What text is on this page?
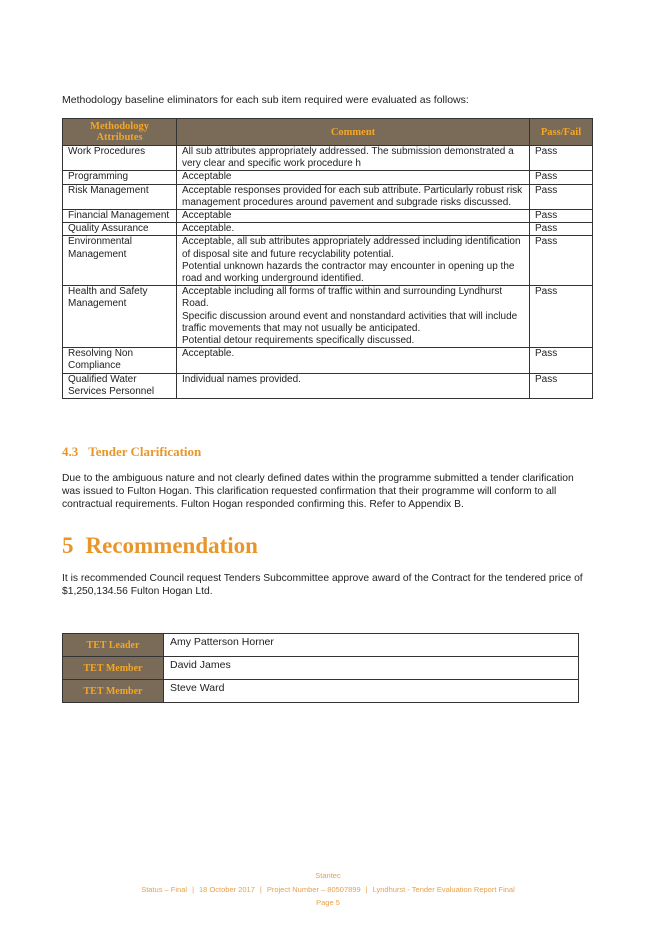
Methodology baseline eliminators for each sub item required were evaluated as follows:
Methodology Attributes	Comment	Pass/Fail
Work Procedures	All sub attributes appropriately addressed. The submission demonstrated a very clear and specific work procedure h	Pass
Programming	Acceptable	Pass
Risk Management	Acceptable responses provided for each sub attribute. Particularly robust risk management procedures around pavement and subgrade risks discussed.	Pass
Financial Management	Acceptable	Pass
Quality Assurance	Acceptable.	Pass
Environmental Management	Acceptable, all sub attributes appropriately addressed including identification of disposal site and future recyclability potential.
Potential unknown hazards the contractor may encounter in opening up the road and working underground identified.	Pass
Health and Safety Management	Acceptable including all forms of traffic within and surrounding Lyndhurst Road.
Specific discussion around event and nonstandard activities that will include traffic movements that may not usually be anticipated.
Potential detour requirements specifically discussed.	Pass
Resolving Non Compliance	Acceptable.	Pass
Qualified Water Services Personnel	Individual names provided.	Pass
4.3 Tender Clarification
Due to the ambiguous nature and not clearly defined dates within the programme submitted a tender clarification was issued to Fulton Hogan. This clarification requested confirmation that their programme will conform to all contractual requirements. Fulton Hogan responded confirming this. Refer to Appendix B.
5 Recommendation
It is recommended Council request Tenders Subcommittee approve award of the Contract for the tendered price of $1,250,134.56 Fulton Hogan Ltd.
TET Leader	Amy Patterson Horner
TET Member	David James
TET Member	Steve Ward
Stantec
Status – Final | 18 October 2017 | Project Number – 80507899 | Lyndhurst - Tender Evaluation Report Final
Page 5
